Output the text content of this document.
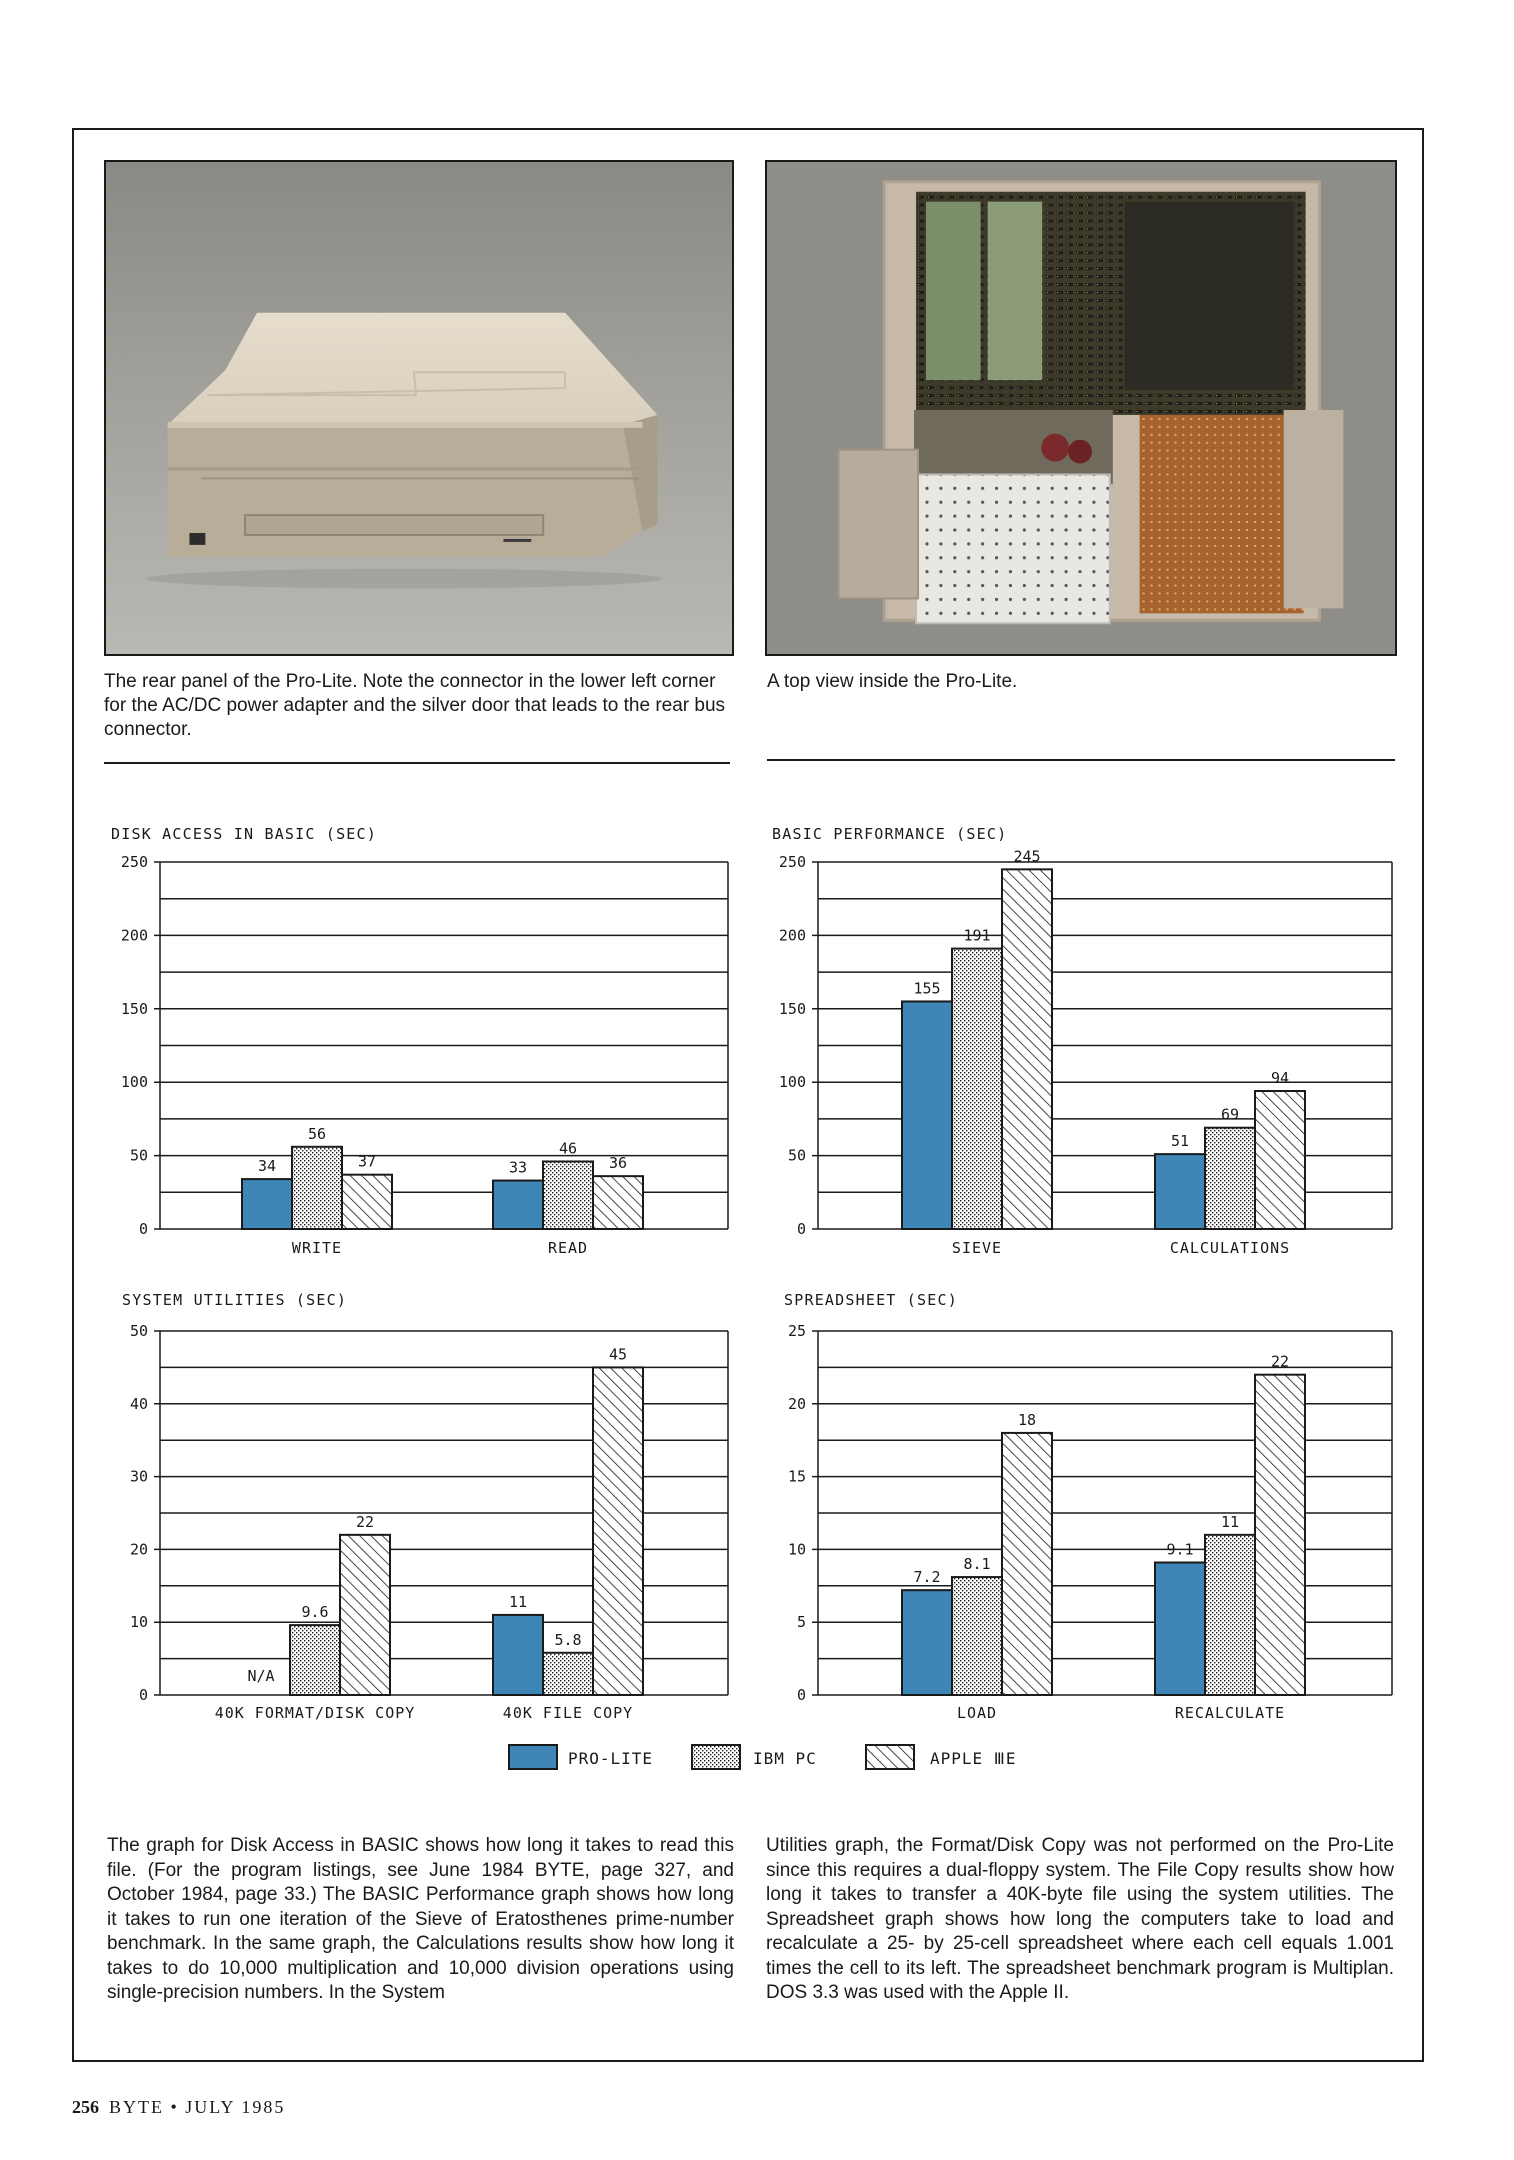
The rear panel of the Pro-Lite. Note the connector in the lower left corner for the AC/DC power adapter and the silver door that leads to the rear bus connector.

A top view inside the Pro-Lite.

DISK ACCESS IN BASIC (SEC)
0
50
100
150
200
250
34
56
37
WRITE
33
46
36
READ
BASIC PERFORMANCE (SEC)
0
50
100
150
200
250
155
191
245
SIEVE
51
69
94
CALCULATIONS
SYSTEM UTILITIES (SEC)
0
10
20
30
40
50
N/A
9.6
22
40K FORMAT/DISK COPY
11
5.8
45
40K FILE COPY
SPREADSHEET (SEC)
0
5
10
15
20
25
7.2
8.1
18
LOAD
9.1
11
22
RECALCULATE
PRO-LITE	IBM PC	APPLE ⅢE

The graph for Disk Access in BASIC shows how long it takes to read this file. (For the program listings, see June 1984 BYTE, page 327, and October 1984, page 33.) The BASIC Performance graph shows how long it takes to run one iteration of the Sieve of Eratosthenes prime-number benchmark. In the same graph, the Calculations results show how long it takes to do 10,000 multiplication and 10,000 division operations using single-precision numbers. In the System

Utilities graph, the Format/Disk Copy was not performed on the Pro-Lite since this requires a dual-floppy system. The File Copy results show how long it takes to transfer a 40K-byte file using the system utilities. The Spreadsheet graph shows how long the computers take to load and recalculate a 25- by 25-cell spreadsheet where each cell equals 1.001 times the cell to its left. The spreadsheet benchmark program is Multiplan. DOS 3.3 was used with the Apple II.

256 BYTE • JULY 1985
